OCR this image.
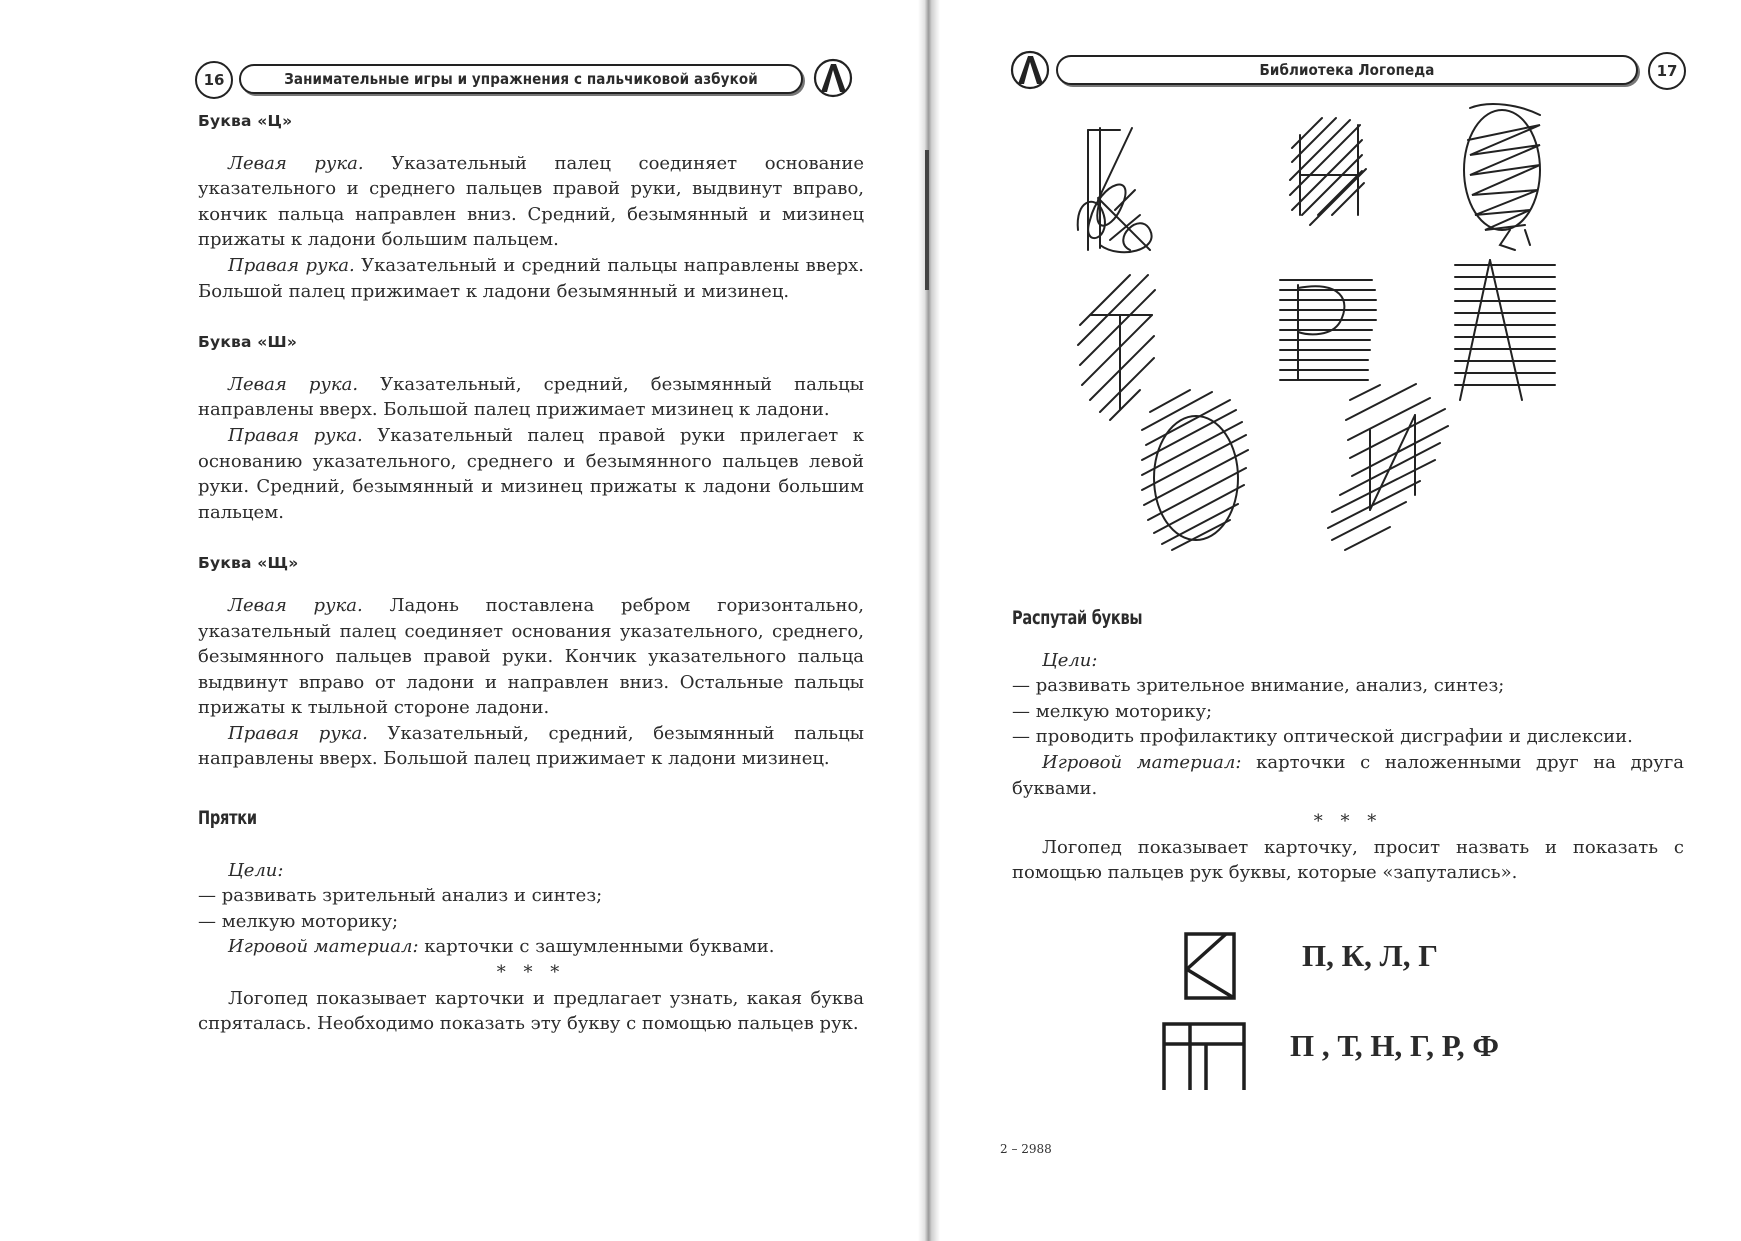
16	Занимательные игры и упражнения с пальчиковой азбукой

Буква «Ц»

Левая рука. Указательный палец соединяет основание указательного и среднего пальцев правой руки, выдвинут вправо, кончик пальца направлен вниз. Средний, безымянный и мизинец прижаты к ладони большим пальцем.

Правая рука. Указательный и средний пальцы направлены вверх. Большой палец прижимает к ладони безымянный и мизинец.

Буква «Ш»

Левая рука. Указательный, средний, безымянный пальцы направлены вверх. Большой палец прижимает мизинец к ладони.

Правая рука. Указательный палец правой руки прилегает к основанию указательного, среднего и безымянного пальцев левой руки. Средний, безымянный и мизинец прижаты к ладони большим пальцем.

Буква «Щ»

Левая рука. Ладонь поставлена ребром горизонтально, указательный палец соединяет основания указательного, среднего, безымянного пальцев правой руки. Кончик указательного пальца выдвинут вправо от ладони и направлен вниз. Остальные пальцы прижаты к тыльной стороне ладони.

Правая рука. Указательный, средний, безымянный пальцы направлены вверх. Большой палец прижимает к ладони мизинец.

Прятки

Цели:

— развивать зрительный анализ и синтез;

— мелкую моторику;

Игровой материал: карточки с зашумленными буквами.

* * *

Логопед показывает карточки и предлагает узнать, какая буква спряталась. Необходимо показать эту букву с помощью пальцев рук.

Библиотека Логопеда	17

Распутай буквы

Цели:

— развивать зрительное внимание, анализ, синтез;

— мелкую моторику;

— проводить профилактику оптической дисграфии и дислексии.

Игровой материал: карточки с наложенными друг на друга буквами.

* * *

Логопед показывает карточку, просит назвать и показать с помощью пальцев рук буквы, которые «запутались».

П, К, Л, Г
П , Т, Н, Г, Р, Ф
2 – 2988
